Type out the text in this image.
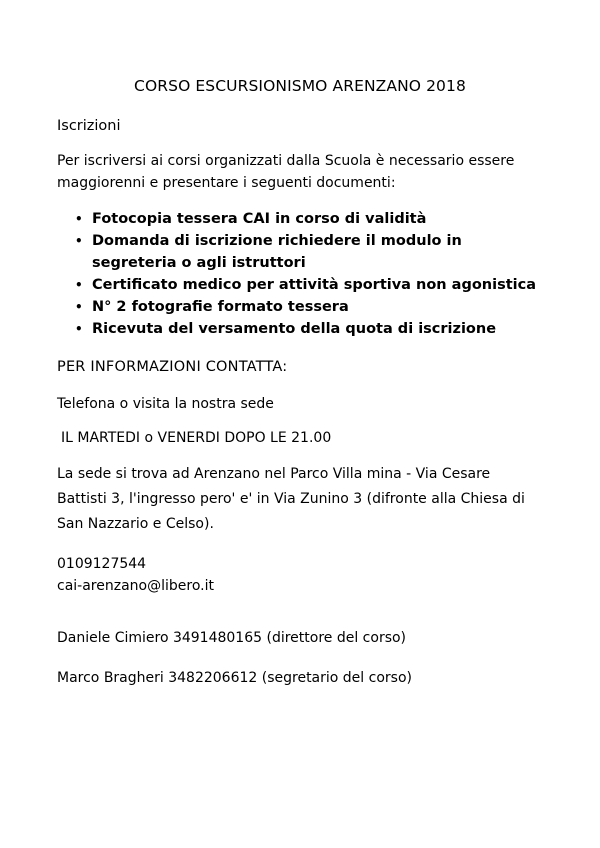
CORSO ESCURSIONISMO ARENZANO 2018
Iscrizioni
Per iscriversi ai corsi organizzati dalla Scuola è necessario essere maggiorenni e presentare i seguenti documenti:
• Fotocopia tessera CAI in corso di validità
• Domanda di iscrizione richiedere il modulo in segreteria o agli istruttori
• Certificato medico per attività sportiva non agonistica
• N° 2 fotografie formato tessera
• Ricevuta del versamento della quota di iscrizione
PER INFORMAZIONI CONTATTA:
Telefona o visita la nostra sede
IL MARTEDI o VENERDI DOPO LE 21.00
La sede si trova ad Arenzano nel Parco Villa mina - Via Cesare Battisti 3, l'ingresso pero' e' in Via Zunino 3 (difronte alla Chiesa di San Nazzario e Celso).
0109127544
cai-arenzano@libero.it
Daniele Cimiero 3491480165 (direttore del corso)
Marco Bragheri 3482206612 (segretario del corso)
